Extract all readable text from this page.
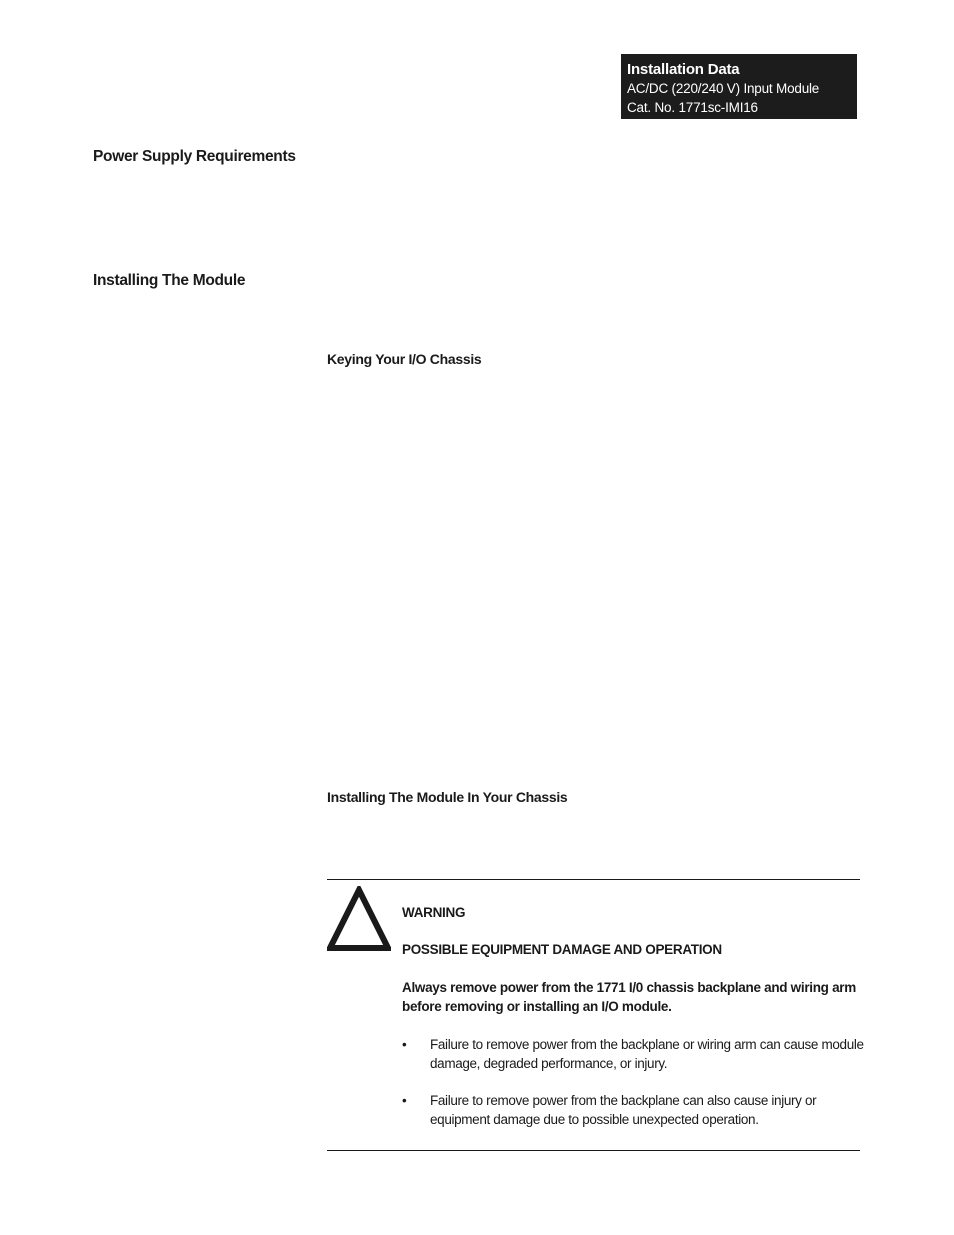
Installation Data
AC/DC (220/240 V) Input Module
Cat. No. 1771sc-IMI16
Power Supply Requirements
Installing The Module
Keying Your I/O Chassis
Installing The Module In Your Chassis
WARNING
POSSIBLE EQUIPMENT DAMAGE AND OPERATION
Always remove power from the 1771 I/0 chassis backplane and wiring arm before removing or installing an I/O module.
• Failure to remove power from the backplane or wiring arm can cause module damage, degraded performance, or injury.
• Failure to remove power from the backplane can also cause injury or equipment damage due to possible unexpected operation.
